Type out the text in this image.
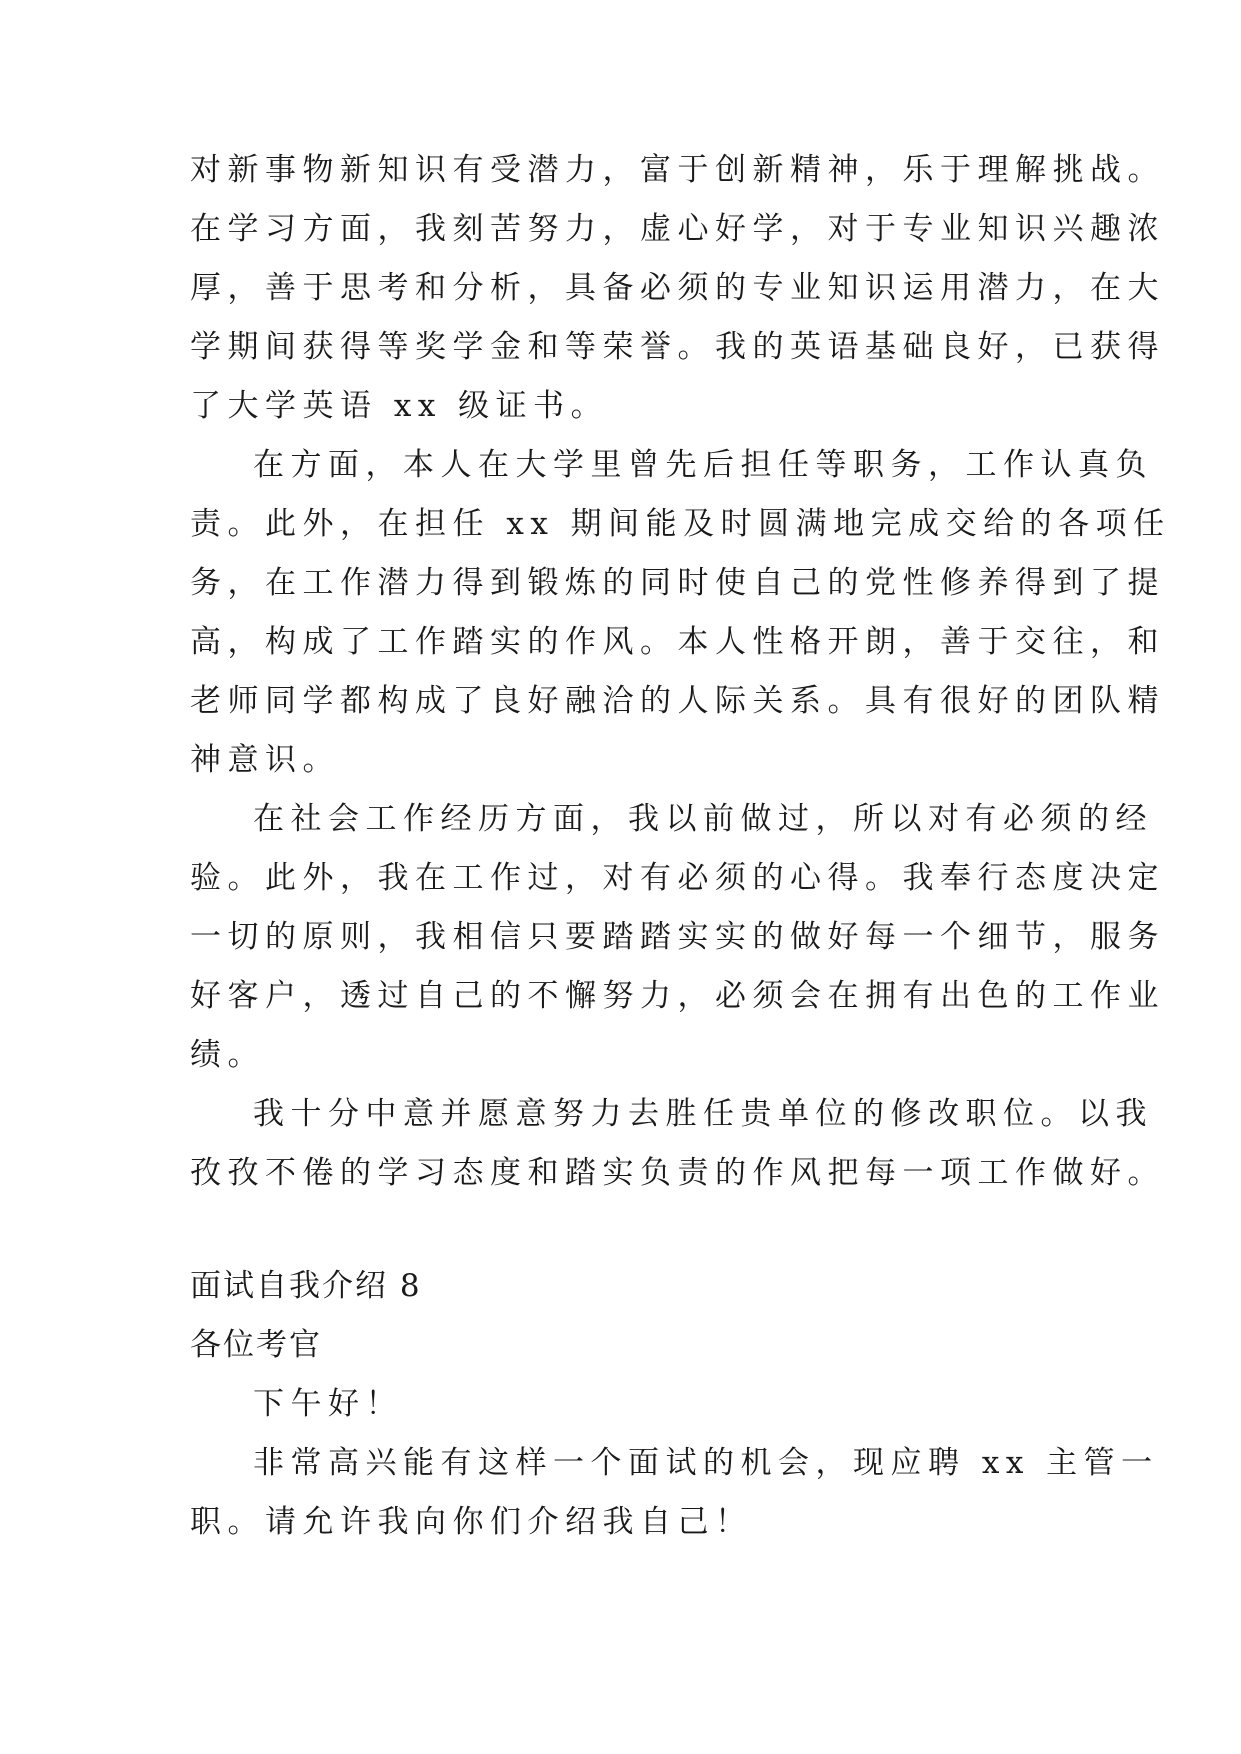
对新事物新知识有受潜力，富于创新精神，乐于理解挑战。
在学习方面，我刻苦努力，虚心好学，对于专业知识兴趣浓
厚，善于思考和分析，具备必须的专业知识运用潜力，在大
学期间获得等奖学金和等荣誉。我的英语基础良好，已获得
了大学英语 xx 级证书。
在方面，本人在大学里曾先后担任等职务，工作认真负
责。此外，在担任 xx 期间能及时圆满地完成交给的各项任
务，在工作潜力得到锻炼的同时使自己的党性修养得到了提
高，构成了工作踏实的作风。本人性格开朗，善于交往，和
老师同学都构成了良好融洽的人际关系。具有很好的团队精
神意识。
在社会工作经历方面，我以前做过，所以对有必须的经
验。此外，我在工作过，对有必须的心得。我奉行态度决定
一切的原则，我相信只要踏踏实实的做好每一个细节，服务
好客户，透过自己的不懈努力，必须会在拥有出色的工作业
绩。
我十分中意并愿意努力去胜任贵单位的修改职位。以我
孜孜不倦的学习态度和踏实负责的作风把每一项工作做好。
面试自我介绍 8
各位考官
下午好！
非常高兴能有这样一个面试的机会，现应聘 xx 主管一
职。请允许我向你们介绍我自己！
